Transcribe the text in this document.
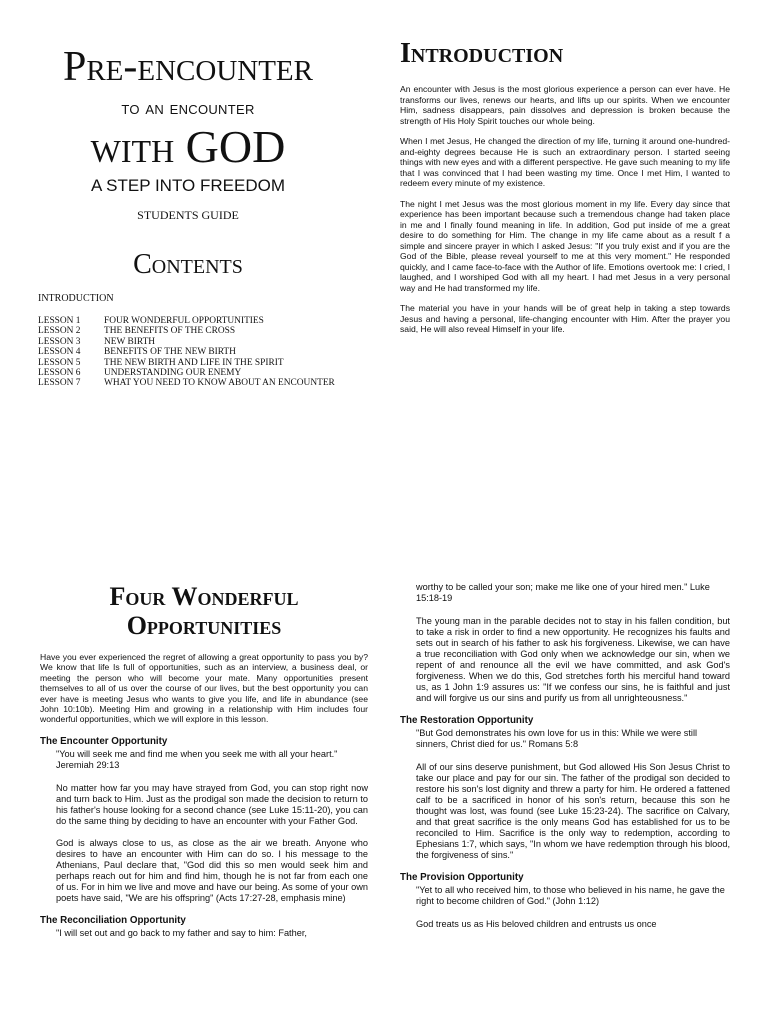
Pre-encounter
to an encounter
with GOD
A STEP INTO FREEDOM
STUDENTS GUIDE
Contents
INTRODUCTION
LESSON 1	FOUR WONDERFUL OPPORTUNITIES
LESSON 2	THE BENEFITS OF THE CROSS
LESSON 3	NEW BIRTH
LESSON 4	BENEFITS OF THE NEW BIRTH
LESSON 5	THE NEW BIRTH AND LIFE IN THE SPIRIT
LESSON 6	UNDERSTANDING OUR ENEMY
LESSON 7	WHAT YOU NEED TO KNOW ABOUT AN ENCOUNTER
Introduction

An encounter with Jesus is the most glorious experience a person can ever have. He transforms our lives, renews our hearts, and lifts up our spirits. When we encounter Him, sadness disappears, pain dissolves and depression is broken because the strength of His Holy Spirit touches our whole being.

When I met Jesus, He changed the direction of my life, turning it around one-hundred-and-eighty degrees because He is such an extraordinary person. I started seeing things with new eyes and with a different perspective. He gave such meaning to my life that I was convinced that I had been wasting my time. Once I met Him, I wanted to redeem every minute of my existence.

The night I met Jesus was the most glorious moment in my life. Every day since that experience has been important because such a tremendous change had taken place in me and I finally found meaning in life. In addition, God put inside of me a great desire to do something for Him. The change in my life came about as a result f a simple and sincere prayer in which I asked Jesus: "If you truly exist and if you are the God of the Bible, please reveal yourself to me at this very moment." He responded quickly, and I came face-to-face with the Author of life. Emotions overtook me: I cried, I laughed, and I worshiped God with all my heart. I had met Jesus in a very personal way and He had transformed my life.

The material you have in your hands will be of great help in taking a step towards Jesus and having a personal, life-changing encounter with Him. After the prayer you said, He will also reveal Himself in your life.

Four Wonderful
Opportunities

Have you ever experienced the regret of allowing a great opportunity to pass you by? We know that life Is full of opportunities, such as an interview, a business deal, or meeting the person who will become your mate. Many opportunities present themselves to all of us over the course of our lives, but the best opportunity you can ever have is meeting Jesus who wants to give you life, and life in abundance (see John 10:10b). Meeting Him and growing in a relationship with Him includes four wonderful opportunities, which we will explore in this lesson.

The Encounter Opportunity

"You will seek me and find me when you seek me with all your heart." Jeremiah 29:13

No matter how far you may have strayed from God, you can stop right now and turn back to Him. Just as the prodigal son made the decision to return to his father's house looking for a second chance (see Luke 15:11-20), you can do the same thing by deciding to have an encounter with your Father God.

God is always close to us, as close as the air we breath. Anyone who desires to have an encounter with Him can do so. I his message to the Athenians, Paul declare that, "God did this so men would seek him and perhaps reach out for him and find him, though he is not far from each one of us. For in him we live and move and have our being. As some of your own poets have said, "We are his offspring" (Acts 17:27-28, emphasis mine)

The Reconciliation Opportunity

"I will set out and go back to my father and say to him: Father,

worthy to be called your son; make me like one of your hired men." Luke 15:18-19

The young man in the parable decides not to stay in his fallen condition, but to take a risk in order to find a new opportunity. He recognizes his faults and sets out in search of his father to ask his forgiveness. Likewise, we can have a true reconciliation with God only when we acknowledge our sin, when we repent of and renounce all the evil we have committed, and ask God's forgiveness. When we do this, God stretches forth his merciful hand toward us, as 1 John 1:9 assures us: "If we confess our sins, he is faithful and just and will forgive us our sins and purify us from all unrighteousness."

The Restoration Opportunity

"But God demonstrates his own love for us in this: While we were still sinners, Christ died for us." Romans 5:8

All of our sins deserve punishment, but God allowed His Son Jesus Christ to take our place and pay for our sin. The father of the prodigal son decided to restore his son's lost dignity and threw a party for him. He ordered a fattened calf to be a sacrificed in honor of his son's return, because this son he thought was lost, was found (see Luke 15:23-24). The sacrifice on Calvary, and that great sacrifice is the only means God has established for us to be reconciled to Him. Sacrifice is the only way to redemption, according to Ephesians 1:7, which says, "In whom we have redemption through his blood, the forgiveness of sins."

The Provision Opportunity

"Yet to all who received him, to those who believed in his name, he gave the right to become children of God." (John 1:12)

God treats us as His beloved children and entrusts us once
